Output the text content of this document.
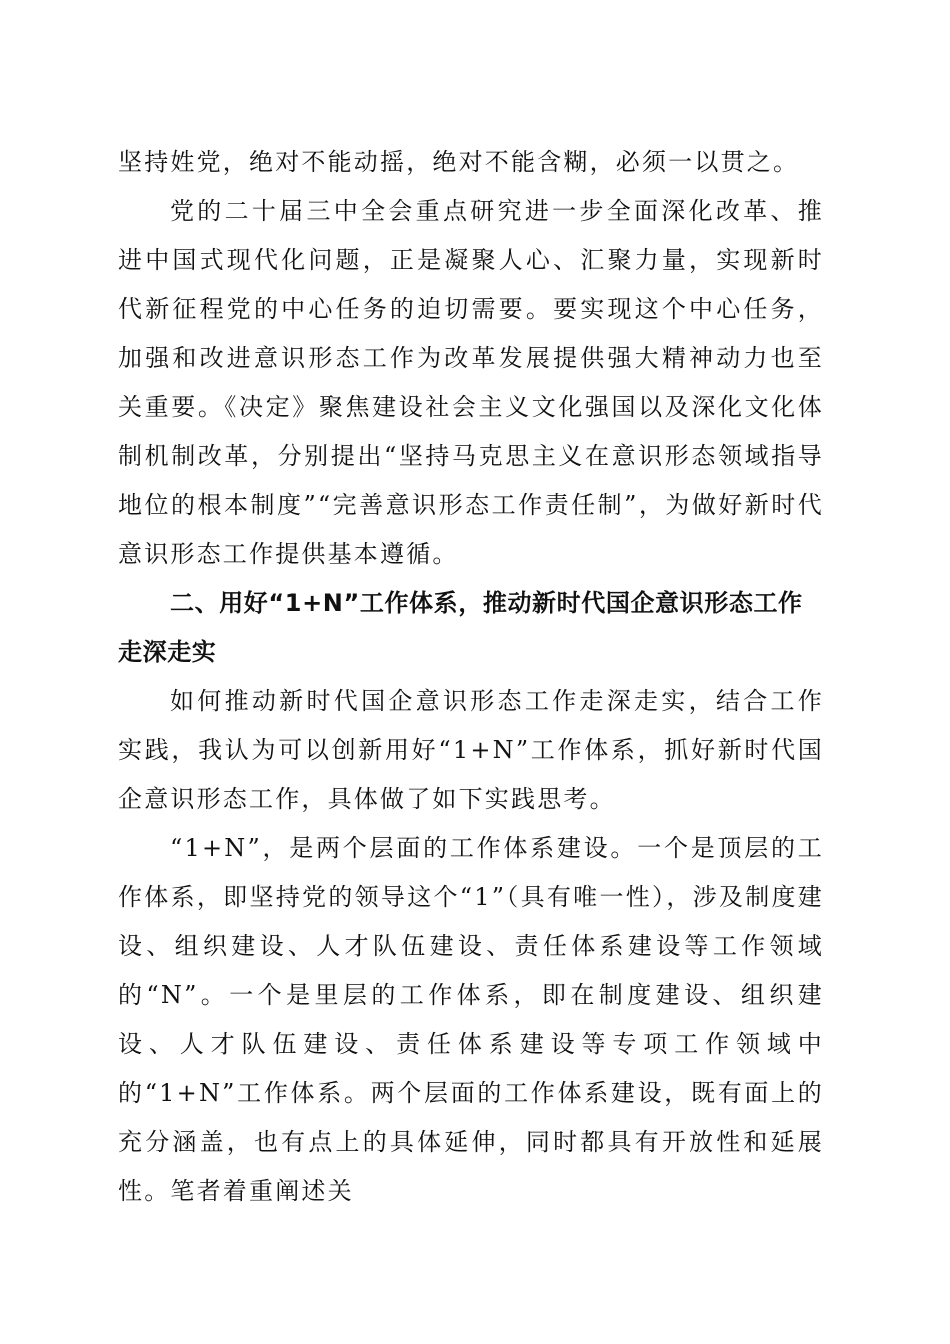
坚持姓党，绝对不能动摇，绝对不能含糊，必须一以贯之。

党的二十届三中全会重点研究进一步全面深化改革、推进中国式现代化问题，正是凝聚人心、汇聚力量，实现新时代新征程党的中心任务的迫切需要。要实现这个中心任务，加强和改进意识形态工作为改革发展提供强大精神动力也至关重要。《决定》聚焦建设社会主义文化强国以及深化文化体制机制改革，分别提出“坚持马克思主义在意识形态领域指导地位的根本制度”“完善意识形态工作责任制”，为做好新时代意识形态工作提供基本遵循。

二、用好“1+N”工作体系，推动新时代国企意识形态工作走深走实

如何推动新时代国企意识形态工作走深走实，结合工作实践，我认为可以创新用好“1+N”工作体系，抓好新时代国企意识形态工作，具体做了如下实践思考。

“1+N”，是两个层面的工作体系建设。一个是顶层的工作体系，即坚持党的领导这个“1”（具有唯一性），涉及制度建设、组织建设、人才队伍建设、责任体系建设等工作领域的“N”。一个是里层的工作体系，即在制度建设、组织建设、人才队伍建设、责任体系建设等专项工作领域中的“1+N”工作体系。两个层面的工作体系建设，既有面上的充分涵盖，也有点上的具体延伸，同时都具有开放性和延展性。笔者着重阐述关
